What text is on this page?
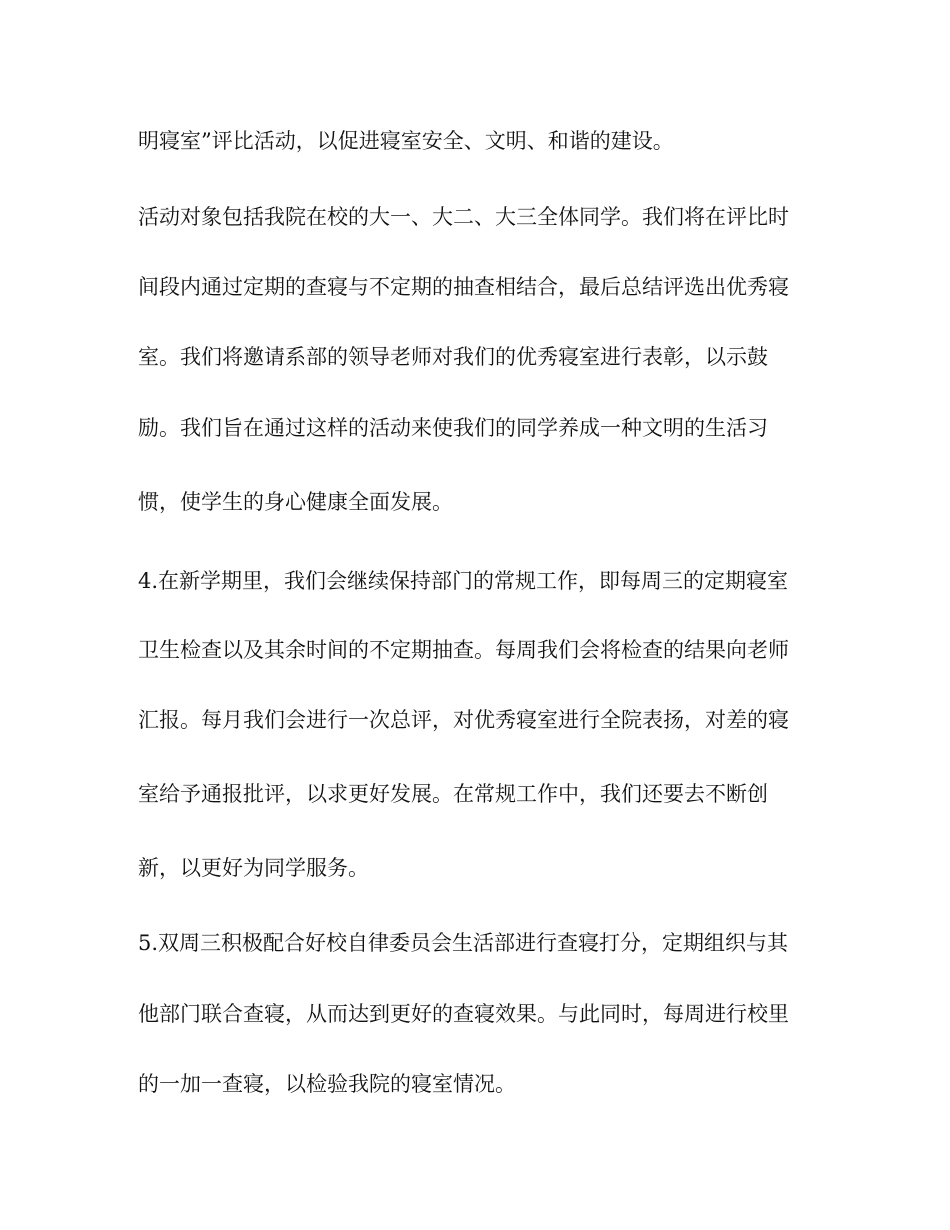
明寝室”评比活动，以促进寝室安全、文明、和谐的建设。
活动对象包括我院在校的大一、大二、大三全体同学。我们将在评比时
间段内通过定期的查寝与不定期的抽查相结合，最后总结评选出优秀寝
室。我们将邀请系部的领导老师对我们的优秀寝室进行表彰，以示鼓
励。我们旨在通过这样的活动来使我们的同学养成一种文明的生活习
惯，使学生的身心健康全面发展。
4.在新学期里，我们会继续保持部门的常规工作，即每周三的定期寝室
卫生检查以及其余时间的不定期抽查。每周我们会将检查的结果向老师
汇报。每月我们会进行一次总评，对优秀寝室进行全院表扬，对差的寝
室给予通报批评，以求更好发展。在常规工作中，我们还要去不断创
新，以更好为同学服务。
5.双周三积极配合好校自律委员会生活部进行查寝打分，定期组织与其
他部门联合查寝，从而达到更好的查寝效果。与此同时，每周进行校里
的一加一查寝，以检验我院的寝室情况。
